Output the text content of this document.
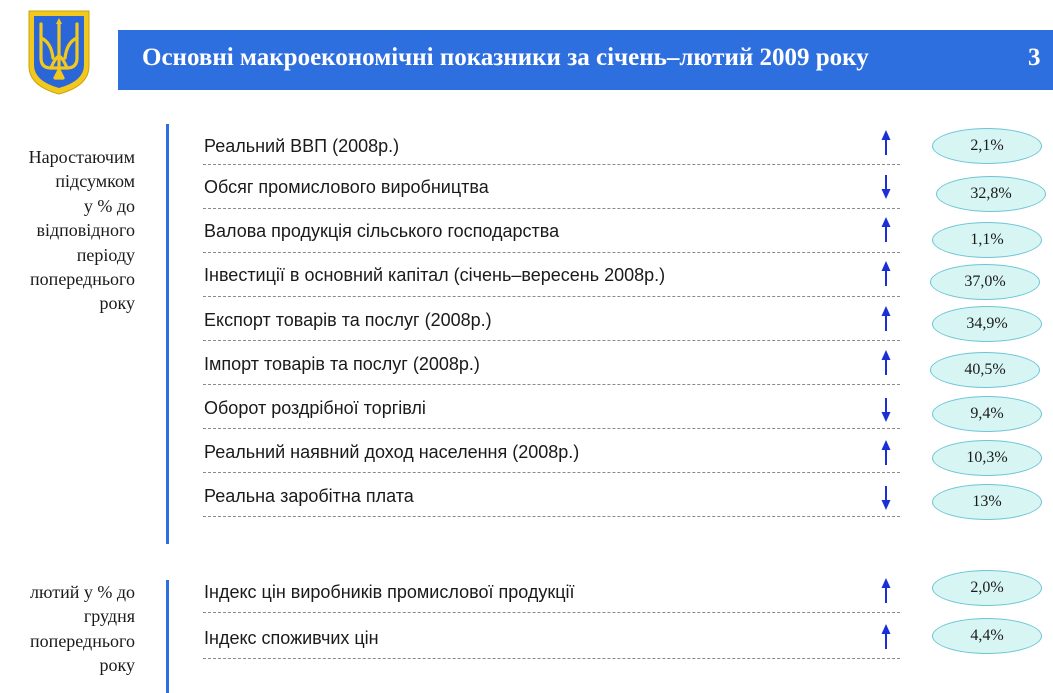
Основні макроекономічні показники за січень–лютий 2009 року	3
Наростаючим
підсумком
у % до
відповідного
періоду
попереднього
року
лютий у % до
грудня
попереднього
року
Реальний ВВП (2008р.)
Обсяг промислового виробництва
Валова продукція сільського господарства
Інвестиції в основний капітал (січень–вересень 2008р.)
Експорт товарів та послуг (2008р.)
Імпорт товарів та послуг (2008р.)
Оборот роздрібної торгівлі
Реальний наявний доход населення (2008р.)
Реальна заробітна плата
2,1%
32,8%
1,1%
37,0%
34,9%
40,5%
9,4%
10,3%
13%
Індекс цін виробників промислової продукції
Індекс споживчих цін
2,0%
4,4%
